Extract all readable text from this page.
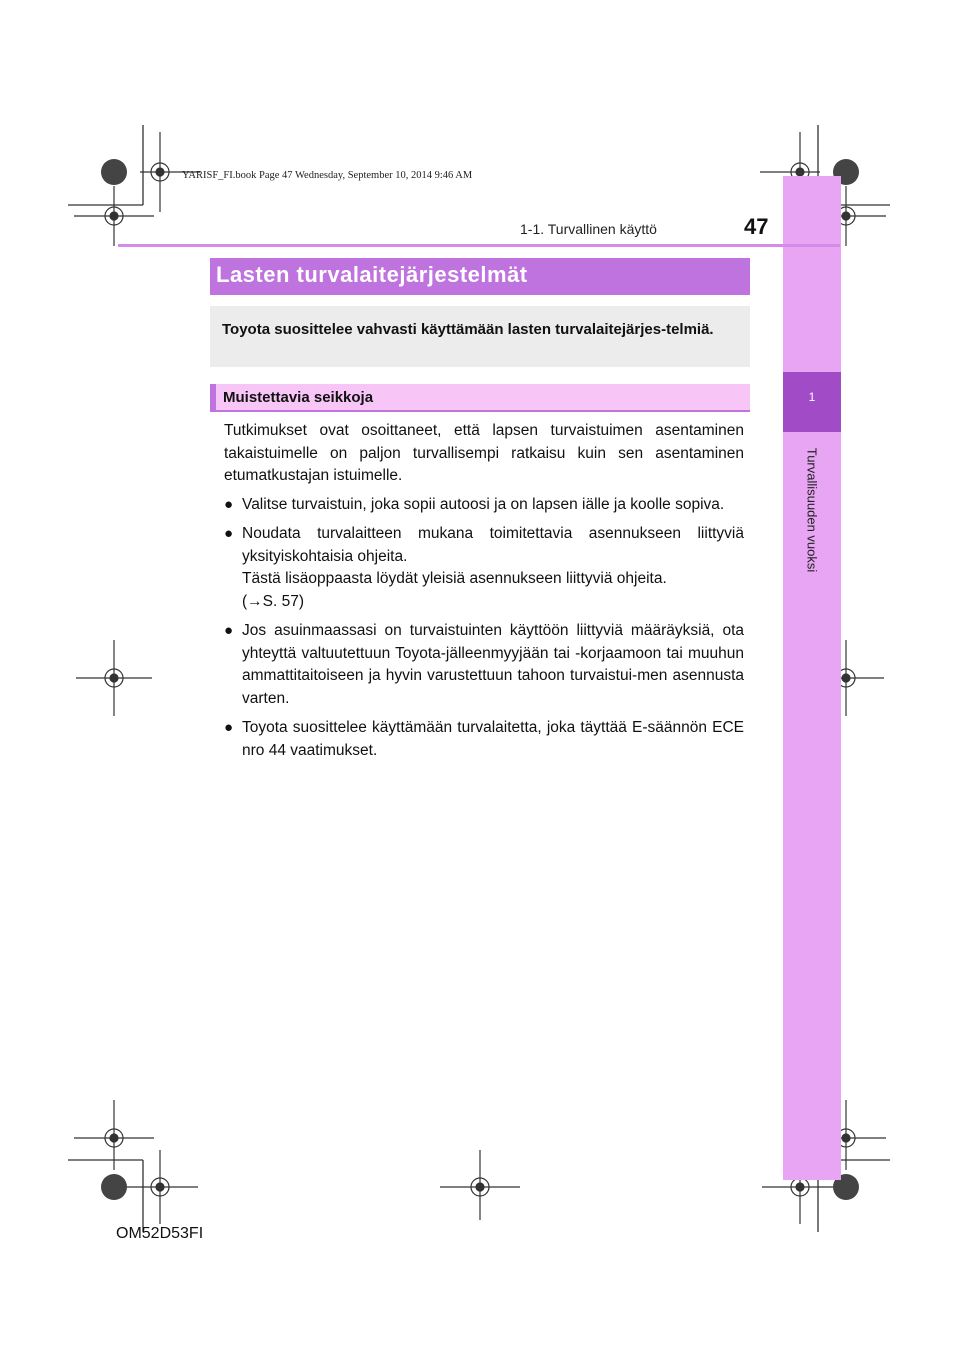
YARISF_FI.book Page 47 Wednesday, September 10, 2014 9:46 AM
1
Turvallisuuden vuoksi
1-1. Turvallinen käyttö	47
Lasten turvalaitejärjestelmät
Toyota suosittelee vahvasti käyttämään lasten turvalaitejärjes-telmiä.
Muistettavia seikkoja

Tutkimukset ovat osoittaneet, että lapsen turvaistuimen asentaminen takaistuimelle on paljon turvallisempi ratkaisu kuin sen asentaminen etumatkustajan istuimelle.

● Valitse turvaistuin, joka sopii autoosi ja on lapsen iälle ja koolle sopiva.

● Noudata turvalaitteen mukana toimitettavia asennukseen liittyviä yksityiskohtaisia ohjeita.

Tästä lisäoppaasta löydät yleisiä asennukseen liittyviä ohjeita.

(→S. 57)

● Jos asuinmaassasi on turvaistuinten käyttöön liittyviä määräyksiä, ota yhteyttä valtuutettuun Toyota-jälleenmyyjään tai -korjaamoon tai muuhun ammattitaitoiseen ja hyvin varustettuun tahoon turvaistui-men asennusta varten.

● Toyota suosittelee käyttämään turvalaitetta, joka täyttää E-säännön ECE nro 44 vaatimukset.

OM52D53FI
